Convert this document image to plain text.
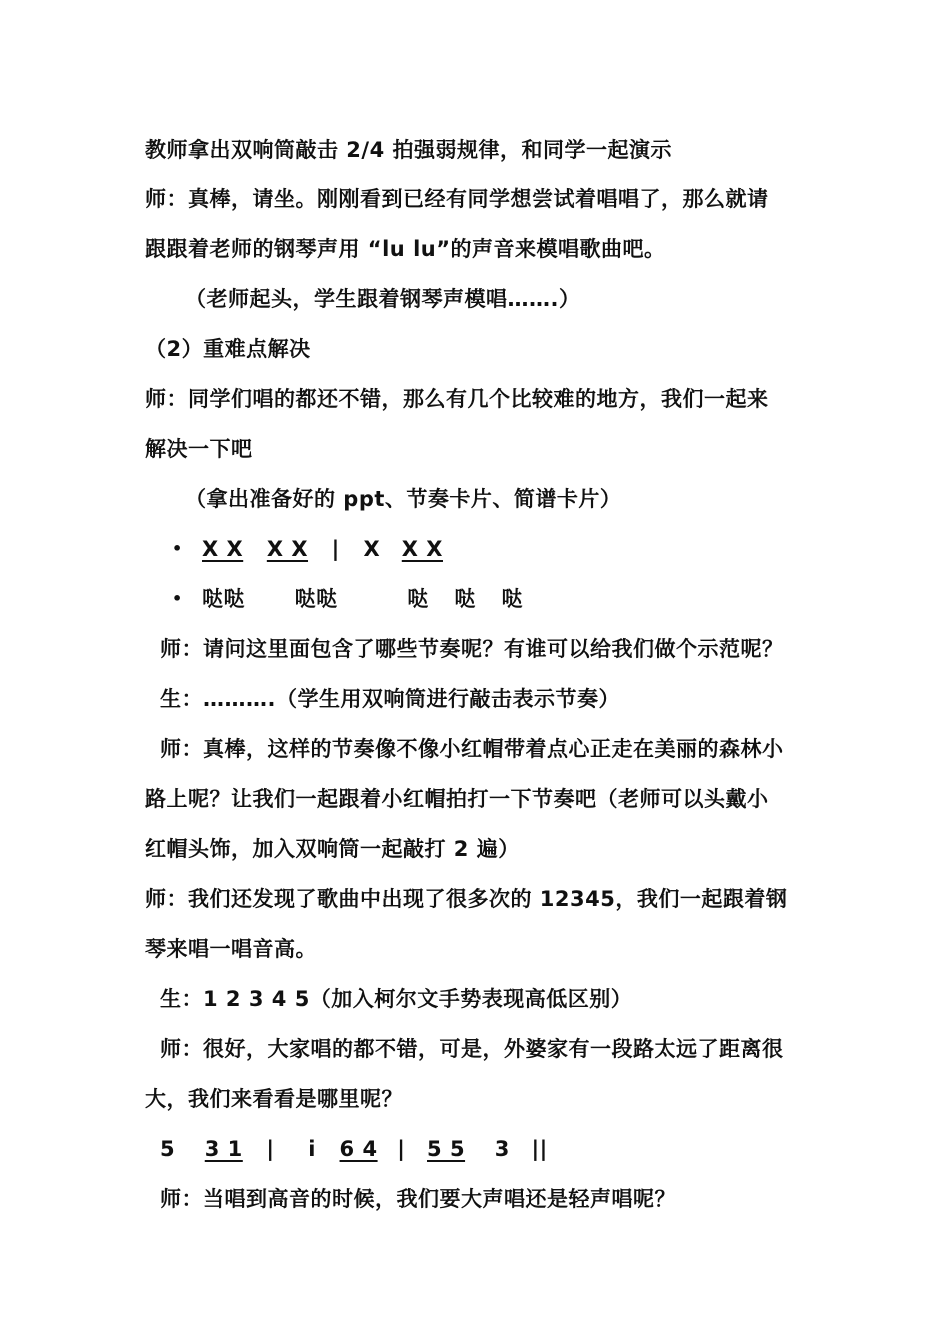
教师拿出双响筒敲击 2/4 拍强弱规律，和同学一起演示
师：真棒，请坐。刚刚看到已经有同学想尝试着唱唱了，那么就请
跟跟着老师的钢琴声用 “lu lu”的声音来模唱歌曲吧。
（老师起头，学生跟着钢琴声模唱…….）
（2）重难点解决
师：同学们唱的都还不错，那么有几个比较难的地方，我们一起来
解决一下吧
（拿出准备好的 ppt、节奏卡片、简谱卡片）
• X X X X | X X X
• 哒哒 哒哒	哒 哒 哒
师：请问这里面包含了哪些节奏呢？有谁可以给我们做个示范呢？
生：……….（学生用双响筒进行敲击表示节奏）
师：真棒，这样的节奏像不像小红帽带着点心正走在美丽的森林小
路上呢？让我们一起跟着小红帽拍打一下节奏吧（老师可以头戴小
红帽头饰，加入双响筒一起敲打 2 遍）
师：我们还发现了歌曲中出现了很多次的 12345，我们一起跟着钢
琴来唱一唱音高。
生：1 2 3 4 5（加入柯尔文手势表现高低区别）
师：很好，大家唱的都不错，可是，外婆家有一段路太远了距离很
大，我们来看看是哪里呢？
5 3 1 | i 6 4 | 5 5 3 ||
师：当唱到高音的时候，我们要大声唱还是轻声唱呢？
